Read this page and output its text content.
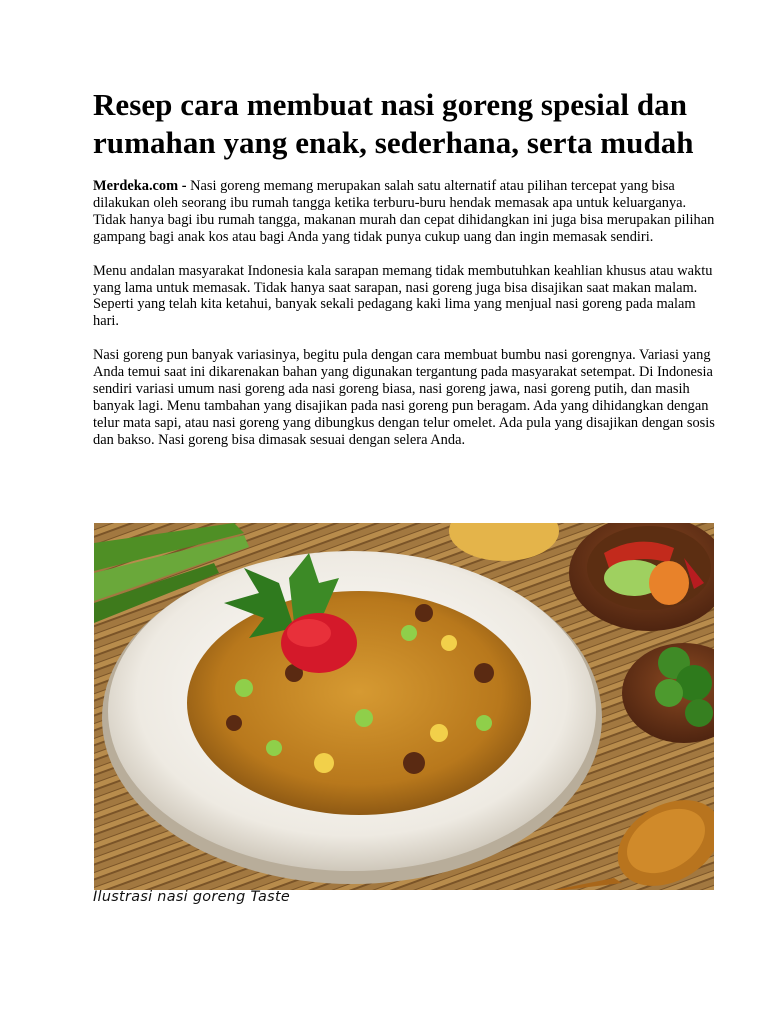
Resep cara membuat nasi goreng spesial dan rumahan yang enak, sederhana, serta mudah

Merdeka.com - Nasi goreng memang merupakan salah satu alternatif atau pilihan tercepat yang bisa dilakukan oleh seorang ibu rumah tangga ketika terburu-buru hendak memasak apa untuk keluarganya. Tidak hanya bagi ibu rumah tangga, makanan murah dan cepat dihidangkan ini juga bisa merupakan pilihan gampang bagi anak kos atau bagi Anda yang tidak punya cukup uang dan ingin memasak sendiri.

Menu andalan masyarakat Indonesia kala sarapan memang tidak membutuhkan keahlian khusus atau waktu yang lama untuk memasak. Tidak hanya saat sarapan, nasi goreng juga bisa disajikan saat makan malam. Seperti yang telah kita ketahui, banyak sekali pedagang kaki lima yang menjual nasi goreng pada malam hari.

Nasi goreng pun banyak variasinya, begitu pula dengan cara membuat bumbu nasi gorengnya. Variasi yang Anda temui saat ini dikarenakan bahan yang digunakan tergantung pada masyarakat setempat. Di Indonesia sendiri variasi umum nasi goreng ada nasi goreng biasa, nasi goreng jawa, nasi goreng putih, dan masih banyak lagi. Menu tambahan yang disajikan pada nasi goreng pun beragam. Ada yang dihidangkan dengan telur mata sapi, atau nasi goreng yang dibungkus dengan telur omelet. Ada pula yang disajikan dengan sosis dan bakso. Nasi goreng bisa dimasak sesuai dengan selera Anda.

Ilustrasi nasi goreng Taste
